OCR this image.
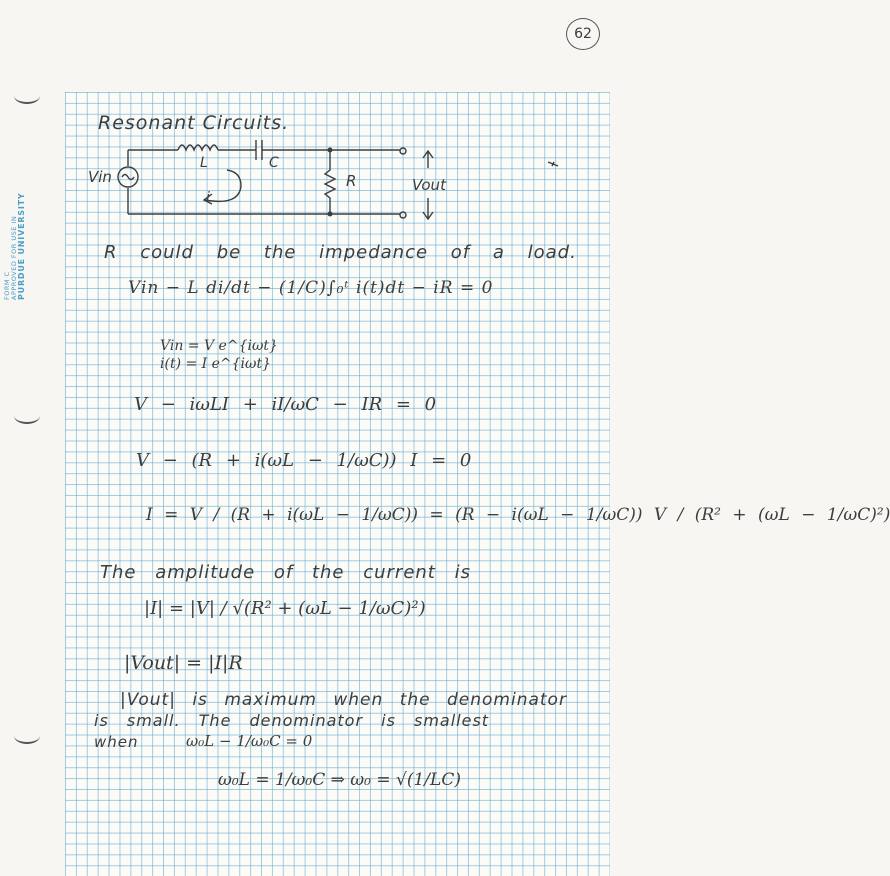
62
FORM C
APPROVED FOR USE IN
PURDUE UNIVERSITY
Resonant Circuits.
Vin
L	C
R
i
Vout
R could be the impedance of a load.
Vin − L di/dt − (1/C)∫₀ᵗ i(t)dt − iR = 0
Vin = V e^{iωt}
i(t) = I e^{iωt}
V − iωLI + iI/ωC − IR = 0
V − (R + i(ωL − 1/ωC)) I = 0
I = V / (R + i(ωL − 1/ωC)) = (R − i(ωL − 1/ωC)) V / (R² + (ωL − 1/ωC)²)
The amplitude of the current is
|I| = |V| / √(R² + (ωL − 1/ωC)²)
|Vout| = |I|R
|Vout| is maximum when the denominator
is small. The denominator is smallest
when	ω₀L − 1/ω₀C = 0
ω₀L = 1/ω₀C ⇒ ω₀ = √(1/LC)
